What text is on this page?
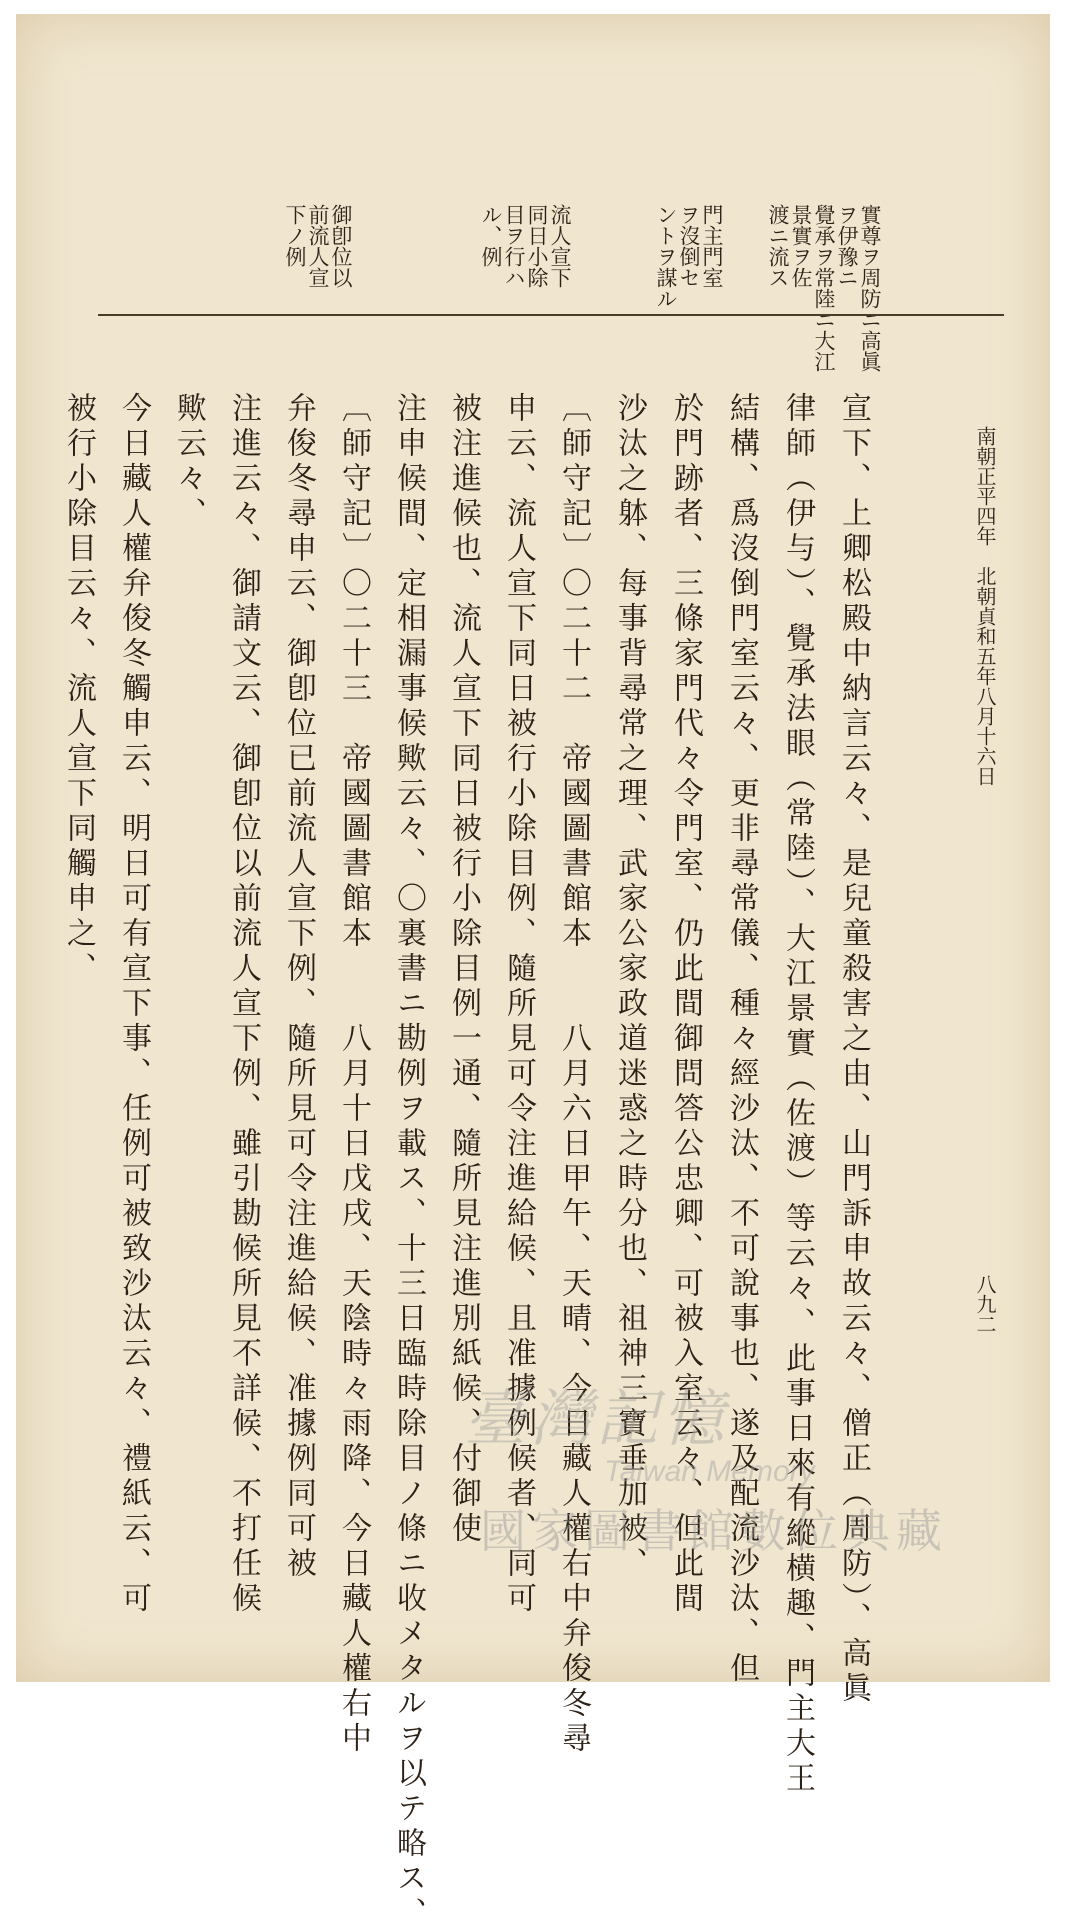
實尊ヲ周防ニ高眞

ヲ伊豫ニ

覺承ヲ常陸ニ大江

景實ヲ佐

渡ニ流ス

門主門室

ヲ沒倒セ

ントヲ謀ル

流人宣下

同日小除

目ヲ行ハ

ル、例

御卽位以

前流人宣

下ノ例

南朝正平四年　北朝貞和五年八月十六日

八九二

宣下、上卿松殿中納言云々、是兒童殺害之由、山門訴申故云々、僧正（周防）、高眞

律師（伊与）、覺承法眼（常陸）、大江景實（佐渡）等云々、此事日來有縱横趣、門主大王

結構、爲沒倒門室云々、更非尋常儀、種々經沙汰、不可說事也、遂及配流沙汰、但

於門跡者、三條家門代々令門室、仍此間御問答公忠卿、可被入室云々、但此間

沙汰之躰、每事背尋常之理、武家公家政道迷惑之時分也、祖神三寶垂加被、

〔師守記〕〇二十二　帝國圖書館本　　八月六日甲午、天晴、今日藏人權右中弁俊冬尋

申云、流人宣下同日被行小除目例、隨所見可令注進給候、且准據例候者、同可

被注進候也、流人宣下同日被行小除目例一通、隨所見注進別紙候、付御使

注申候間、定相漏事候歟云々、〇裏書ニ勘例ヲ載ス、十三日臨時除目ノ條ニ收メタルヲ以テ略ス、

〔師守記〕〇二十三　帝國圖書館本　　八月十日戊戌、天陰時々雨降、今日藏人權右中

弁俊冬尋申云、御卽位已前流人宣下例、隨所見可令注進給候、准據例同可被

注進云々、御請文云、御卽位以前流人宣下例、雖引勘候所見不詳候、不打任候

歟云々、

今日藏人權弁俊冬觸申云、明日可有宣下事、任例可被致沙汰云々、禮紙云、可

被行小除目云々、流人宣下同觸申之、

臺灣記憶
Taiwan Memory
國家圖書館數位典藏
